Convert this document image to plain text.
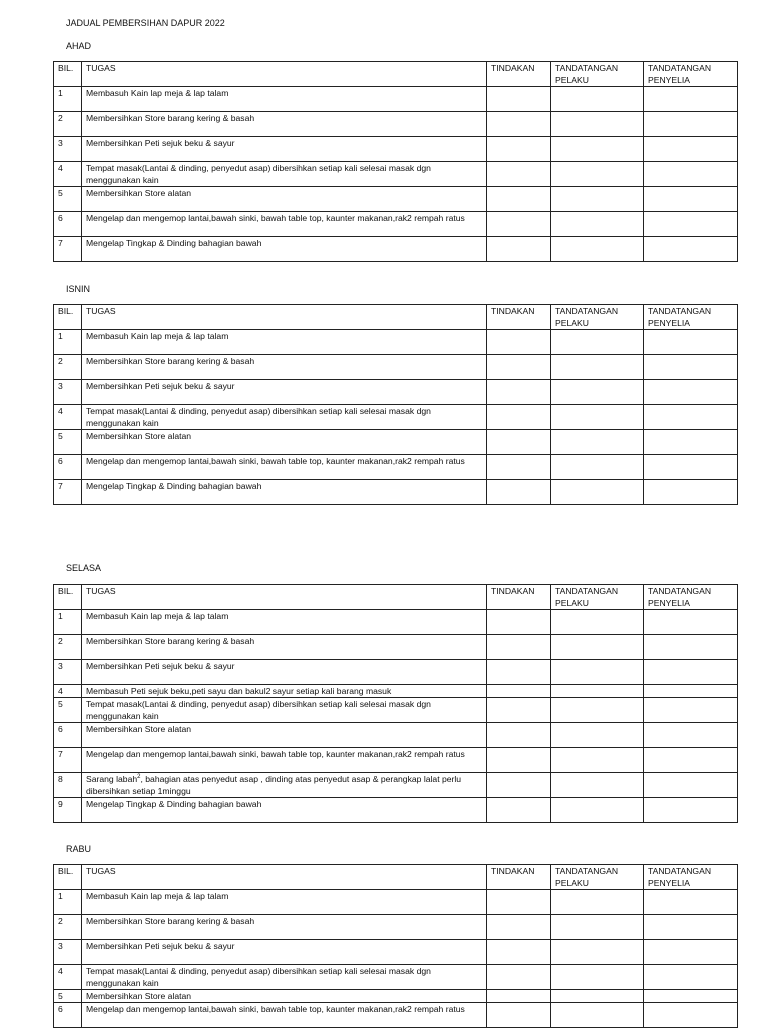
JADUAL PEMBERSIHAN DAPUR 2022
AHAD
BIL.	TUGAS	TINDAKAN	TANDATANGAN PELAKU	TANDATANGAN PENYELIA
1	Membasuh Kain lap meja & lap talam			
2	Membersihkan Store barang kering & basah			
3	Membersihkan Peti sejuk beku & sayur			
4	Tempat masak(Lantai & dinding, penyedut asap) dibersihkan setiap kali selesai masak dgn menggunakan kain			
5	Membersihkan Store alatan			
6	Mengelap dan mengemop lantai,bawah sinki, bawah table top, kaunter makanan,rak2 rempah ratus			
7	Mengelap Tingkap & Dinding bahagian bawah			
ISNIN
BIL.	TUGAS	TINDAKAN	TANDATANGAN PELAKU	TANDATANGAN PENYELIA
1	Membasuh Kain lap meja & lap talam			
2	Membersihkan Store barang kering & basah			
3	Membersihkan Peti sejuk beku & sayur			
4	Tempat masak(Lantai & dinding, penyedut asap) dibersihkan setiap kali selesai masak dgn menggunakan kain			
5	Membersihkan Store alatan			
6	Mengelap dan mengemop lantai,bawah sinki, bawah table top, kaunter makanan,rak2 rempah ratus			
7	Mengelap Tingkap & Dinding bahagian bawah			
SELASA
BIL.	TUGAS	TINDAKAN	TANDATANGAN PELAKU	TANDATANGAN PENYELIA
1	Membasuh Kain lap meja & lap talam			
2	Membersihkan Store barang kering & basah			
3	Membersihkan Peti sejuk beku & sayur			
4	Membasuh Peti sejuk beku,peti sayu dan bakul2 sayur setiap kali barang masuk			
5	Tempat masak(Lantai & dinding, penyedut asap) dibersihkan setiap kali selesai masak dgn menggunakan kain			
6	Membersihkan Store alatan			
7	Mengelap dan mengemop lantai,bawah sinki, bawah table top, kaunter makanan,rak2 rempah ratus			
8	Sarang labah$^2$, bahagian atas penyedut asap , dinding atas penyedut asap & perangkap lalat perlu dibersihkan setiap 1minggu			
9	Mengelap Tingkap & Dinding bahagian bawah			
RABU
BIL.	TUGAS	TINDAKAN	TANDATANGAN PELAKU	TANDATANGAN PENYELIA
1	Membasuh Kain lap meja & lap talam			
2	Membersihkan Store barang kering & basah			
3	Membersihkan Peti sejuk beku & sayur			
4	Tempat masak(Lantai & dinding, penyedut asap) dibersihkan setiap kali selesai masak dgn menggunakan kain			
5	Membersihkan Store alatan			
6	Mengelap dan mengemop lantai,bawah sinki, bawah table top, kaunter makanan,rak2 rempah ratus			
